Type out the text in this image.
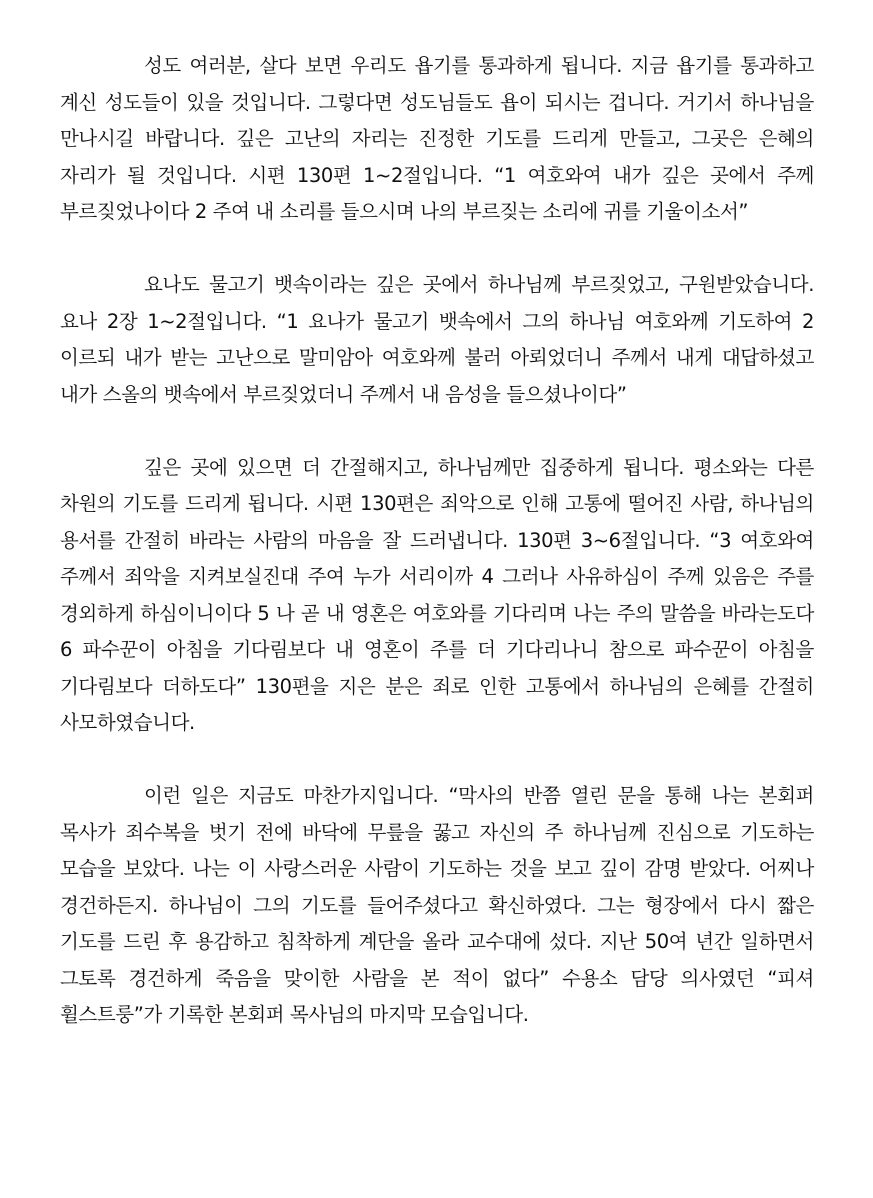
성도 여러분, 살다 보면 우리도 욥기를 통과하게 됩니다. 지금 욥기를 통과하고 계신 성도들이 있을 것입니다. 그렇다면 성도님들도 욥이 되시는 겁니다. 거기서 하나님을 만나시길 바랍니다. 깊은 고난의 자리는 진정한 기도를 드리게 만들고, 그곳은 은혜의 자리가 될 것입니다. 시편 130편 1~2절입니다. “1 여호와여 내가 깊은 곳에서 주께 부르짖었나이다 2 주여 내 소리를 들으시며 나의 부르짖는 소리에 귀를 기울이소서”

요나도 물고기 뱃속이라는 깊은 곳에서 하나님께 부르짖었고, 구원받았습니다. 요나 2장 1~2절입니다. “1 요나가 물고기 뱃속에서 그의 하나님 여호와께 기도하여 2 이르되 내가 받는 고난으로 말미암아 여호와께 불러 아뢰었더니 주께서 내게 대답하셨고 내가 스올의 뱃속에서 부르짖었더니 주께서 내 음성을 들으셨나이다”

깊은 곳에 있으면 더 간절해지고, 하나님께만 집중하게 됩니다. 평소와는 다른 차원의 기도를 드리게 됩니다. 시편 130편은 죄악으로 인해 고통에 떨어진 사람, 하나님의 용서를 간절히 바라는 사람의 마음을 잘 드러냅니다. 130편 3~6절입니다. “3 여호와여 주께서 죄악을 지켜보실진대 주여 누가 서리이까 4 그러나 사유하심이 주께 있음은 주를 경외하게 하심이니이다 5 나 곧 내 영혼은 여호와를 기다리며 나는 주의 말씀을 바라는도다 6 파수꾼이 아침을 기다림보다 내 영혼이 주를 더 기다리나니 참으로 파수꾼이 아침을 기다림보다 더하도다” 130편을 지은 분은 죄로 인한 고통에서 하나님의 은혜를 간절히 사모하였습니다.

이런 일은 지금도 마찬가지입니다. “막사의 반쯤 열린 문을 통해 나는 본회퍼 목사가 죄수복을 벗기 전에 바닥에 무릎을 꿇고 자신의 주 하나님께 진심으로 기도하는 모습을 보았다. 나는 이 사랑스러운 사람이 기도하는 것을 보고 깊이 감명 받았다. 어찌나 경건하든지. 하나님이 그의 기도를 들어주셨다고 확신하였다. 그는 형장에서 다시 짧은 기도를 드린 후 용감하고 침착하게 계단을 올라 교수대에 섰다. 지난 50여 년간 일하면서 그토록 경건하게 죽음을 맞이한 사람을 본 적이 없다” 수용소 담당 의사였던 “피셔 휠스트룽”가 기록한 본회퍼 목사님의 마지막 모습입니다.
